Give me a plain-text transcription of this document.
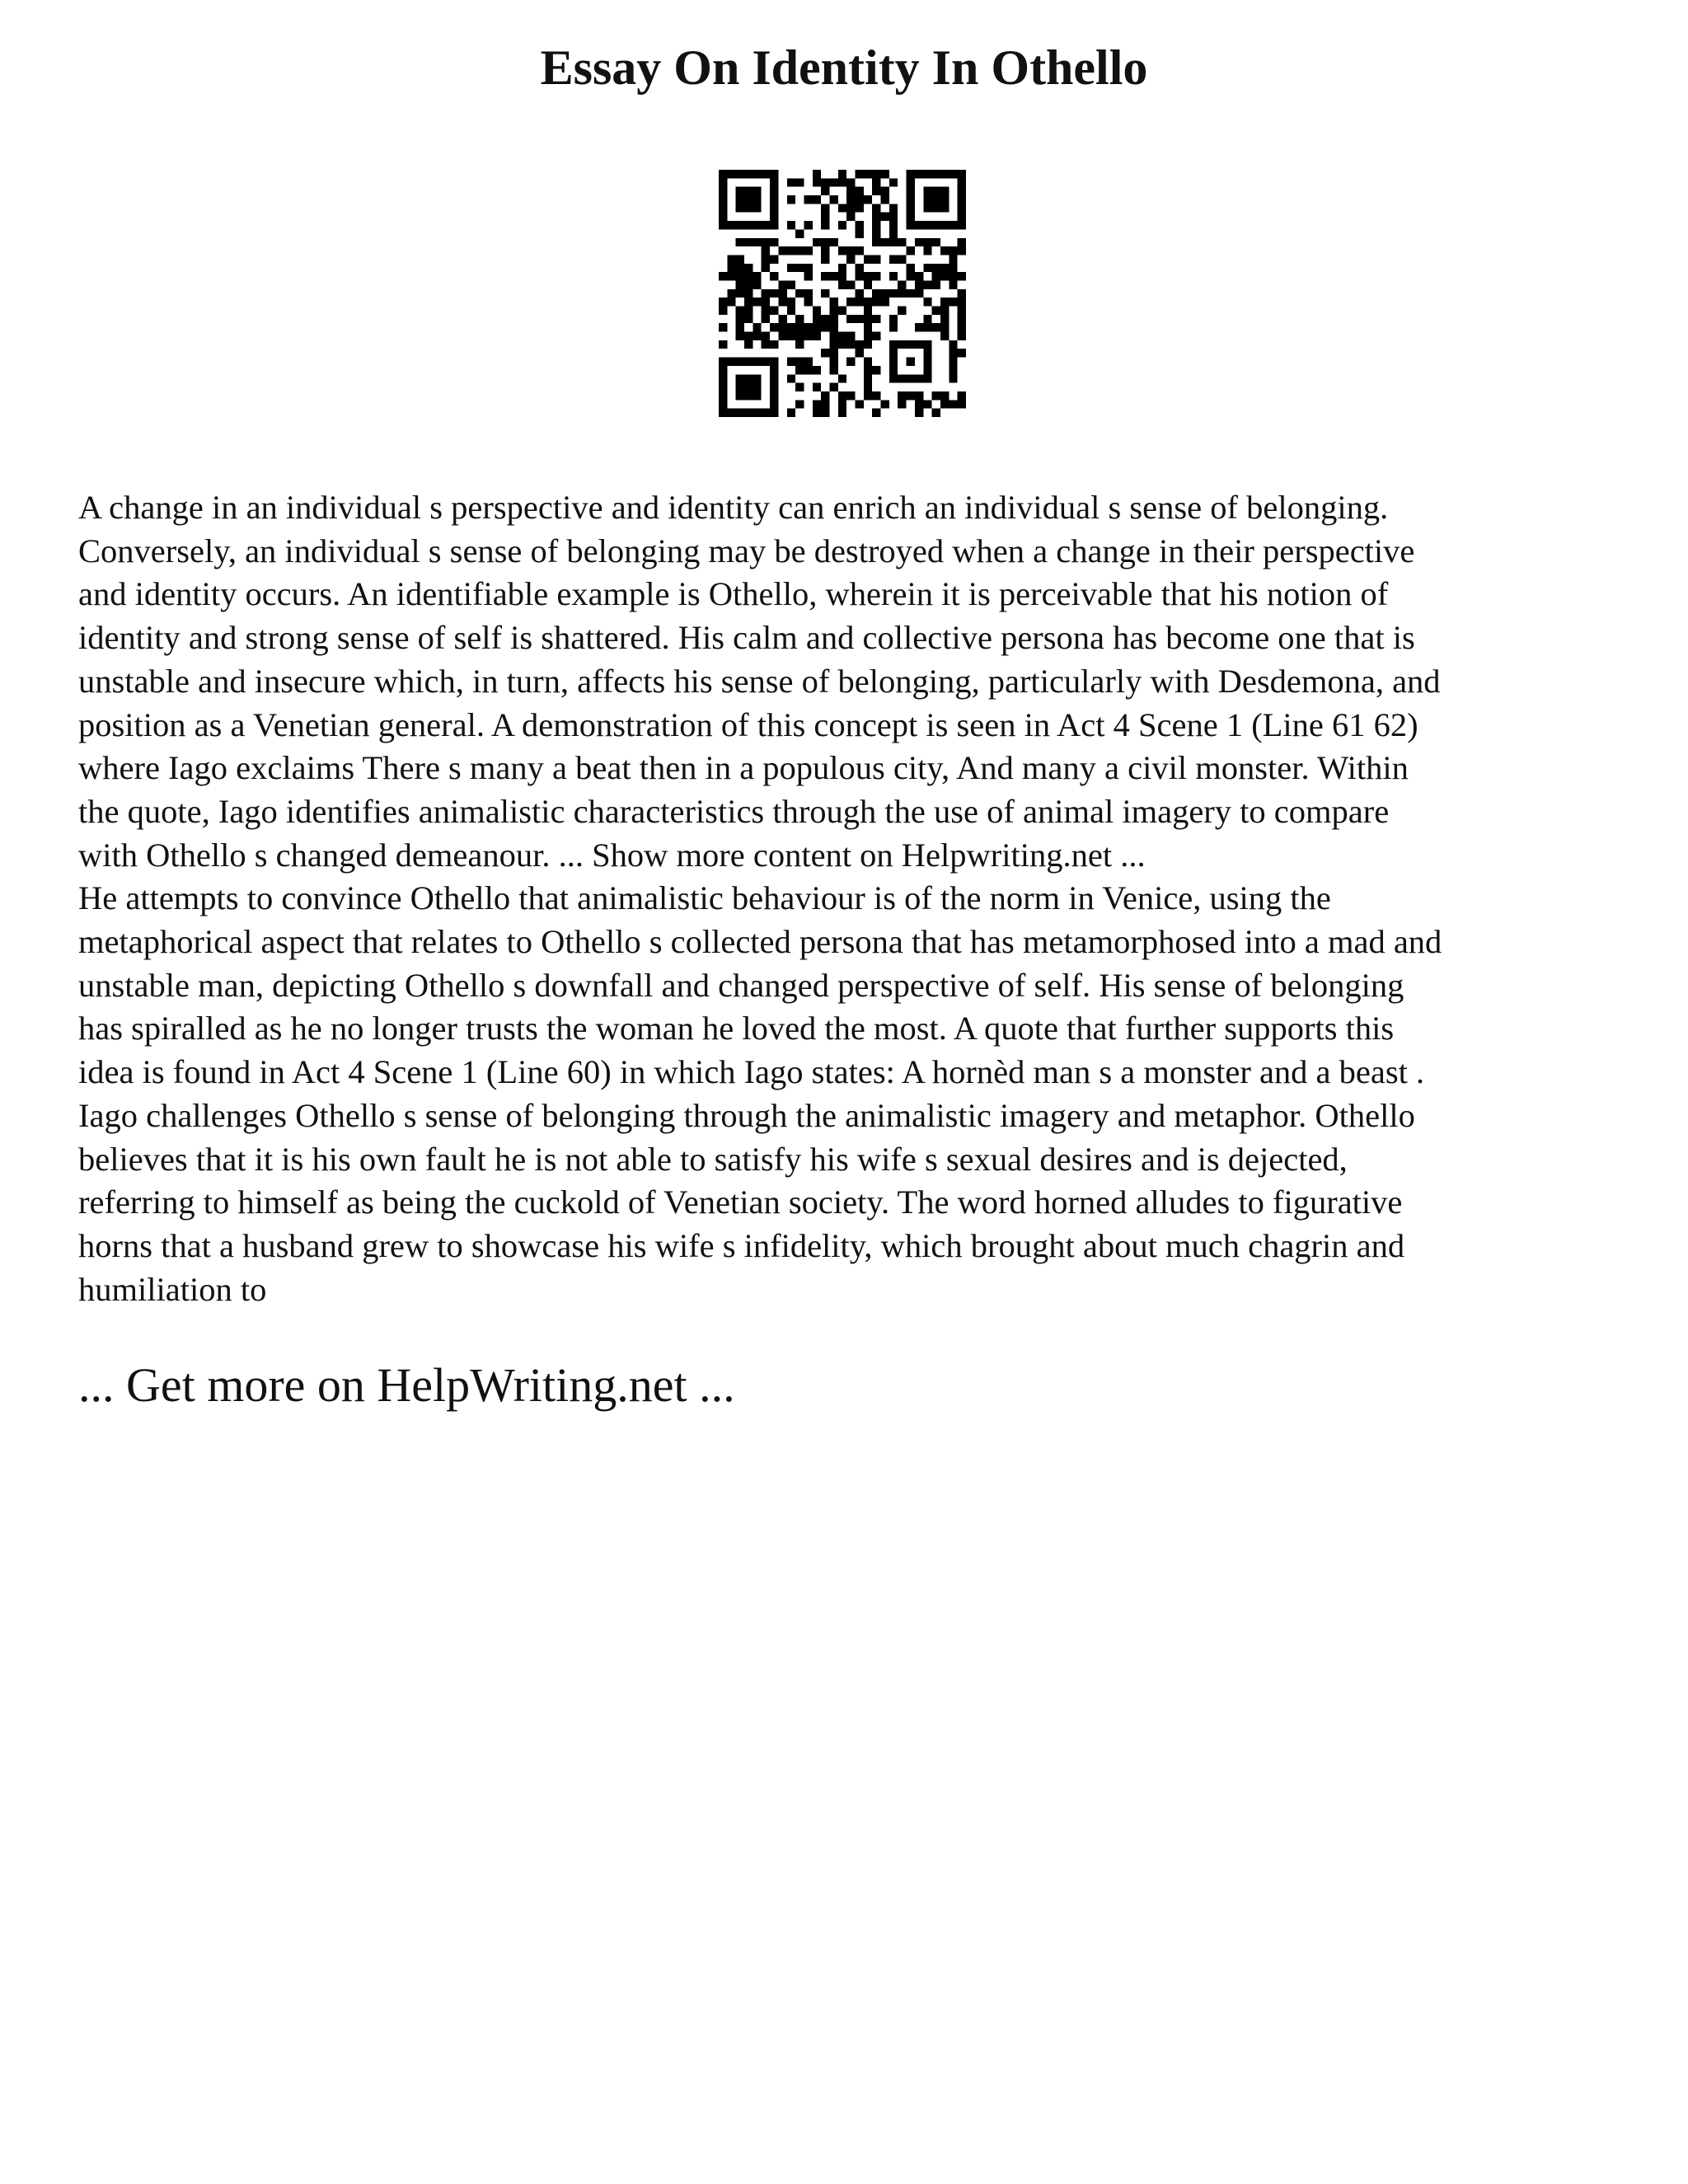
Essay On Identity In Othello
A change in an individual s perspective and identity can enrich an individual s sense of belonging.
Conversely, an individual s sense of belonging may be destroyed when a change in their perspective
and identity occurs. An identifiable example is Othello, wherein it is perceivable that his notion of
identity and strong sense of self is shattered. His calm and collective persona has become one that is
unstable and insecure which, in turn, affects his sense of belonging, particularly with Desdemona, and
position as a Venetian general. A demonstration of this concept is seen in Act 4 Scene 1 (Line 61 62)
where Iago exclaims There s many a beat then in a populous city, And many a civil monster. Within
the quote, Iago identifies animalistic characteristics through the use of animal imagery to compare
with Othello s changed demeanour. ... Show more content on Helpwriting.net ...
He attempts to convince Othello that animalistic behaviour is of the norm in Venice, using the
metaphorical aspect that relates to Othello s collected persona that has metamorphosed into a mad and
unstable man, depicting Othello s downfall and changed perspective of self. His sense of belonging
has spiralled as he no longer trusts the woman he loved the most. A quote that further supports this
idea is found in Act 4 Scene 1 (Line 60) in which Iago states: A hornèd man s a monster and a beast .
Iago challenges Othello s sense of belonging through the animalistic imagery and metaphor. Othello
believes that it is his own fault he is not able to satisfy his wife s sexual desires and is dejected,
referring to himself as being the cuckold of Venetian society. The word horned alludes to figurative
horns that a husband grew to showcase his wife s infidelity, which brought about much chagrin and
humiliation to

... Get more on HelpWriting.net ...
